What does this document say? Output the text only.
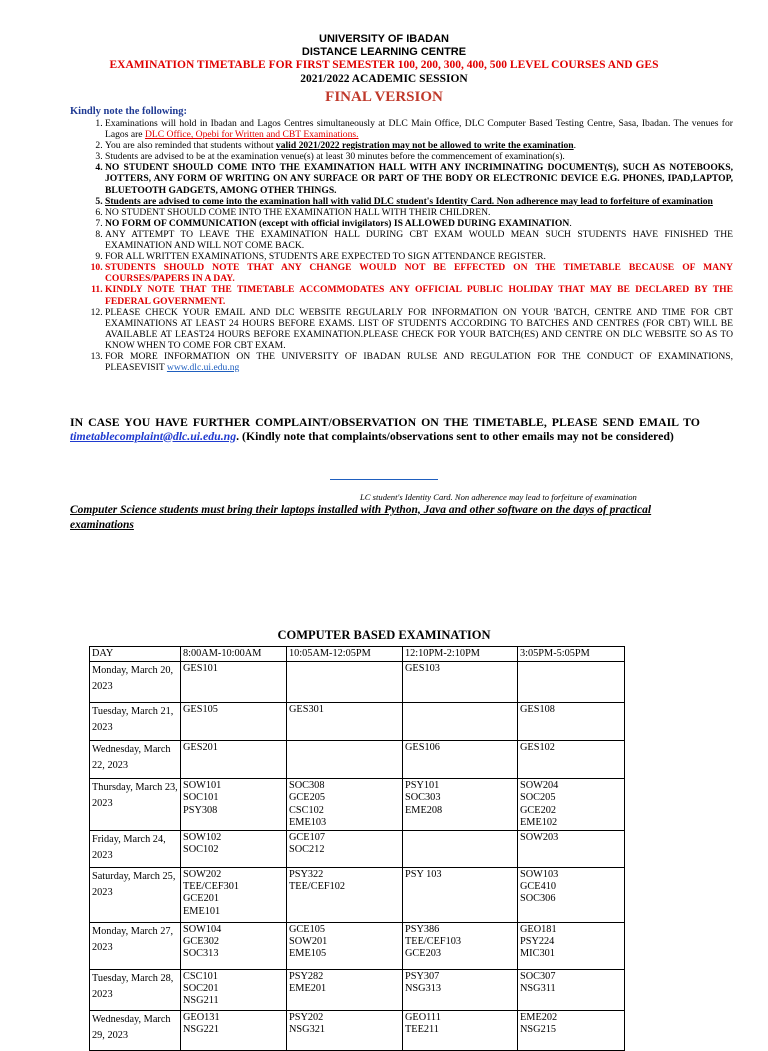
UNIVERSITY OF IBADAN
DISTANCE LEARNING CENTRE
EXAMINATION TIMETABLE FOR FIRST SEMESTER 100, 200, 300, 400, 500 LEVEL COURSES AND GES
2021/2022 ACADEMIC SESSION
FINAL VERSION
Kindly note the following:
1. Examinations will hold in Ibadan and Lagos Centres simultaneously at DLC Main Office, DLC Computer Based Testing Centre, Sasa, Ibadan. The venues for Lagos are DLC Office, Opebi for Written and CBT Examinations.
2. You are also reminded that students without valid 2021/2022 registration may not be allowed to write the examination.
3. Students are advised to be at the examination venue(s) at least 30 minutes before the commencement of examination(s).
4. NO STUDENT SHOULD COME INTO THE EXAMINATION HALL WITH ANY INCRIMINATING DOCUMENT(S), SUCH AS NOTEBOOKS, JOTTERS, ANY FORM OF WRITING ON ANY SURFACE OR PART OF THE BODY OR ELECTRONIC DEVICE E.G. PHONES, IPAD,LAPTOP, BLUETOOTH GADGETS, AMONG OTHER THINGS.
5. Students are advised to come into the examination hall with valid DLC student's Identity Card. Non adherence may lead to forfeiture of examination
6. NO STUDENT SHOULD COME INTO THE EXAMINATION HALL WITH THEIR CHILDREN.
7. NO FORM OF COMMUNICATION (except with official invigilators) IS ALLOWED DURING EXAMINATION.
8. ANY ATTEMPT TO LEAVE THE EXAMINATION HALL DURING CBT EXAM WOULD MEAN SUCH STUDENTS HAVE FINISHED THE EXAMINATION AND WILL NOT COME BACK.
9. FOR ALL WRITTEN EXAMINATIONS, STUDENTS ARE EXPECTED TO SIGN ATTENDANCE REGISTER.
10. STUDENTS SHOULD NOTE THAT ANY CHANGE WOULD NOT BE EFFECTED ON THE TIMETABLE BECAUSE OF MANY COURSES/PAPERS IN A DAY.
11. KINDLY NOTE THAT THE TIMETABLE ACCOMMODATES ANY OFFICIAL PUBLIC HOLIDAY THAT MAY BE DECLARED BY THE FEDERAL GOVERNMENT.
12. PLEASE CHECK YOUR EMAIL AND DLC WEBSITE REGULARLY FOR INFORMATION ON YOUR 'BATCH, CENTRE AND TIME FOR CBT EXAMINATIONS AT LEAST 24 HOURS BEFORE EXAMS. LIST OF STUDENTS ACCORDING TO BATCHES AND CENTRES (FOR CBT) WILL BE AVAILABLE AT LEAST24 HOURS BEFORE EXAMINATION.PLEASE CHECK FOR YOUR BATCH(ES) AND CENTRE ON DLC WEBSITE SO AS TO KNOW WHEN TO COME FOR CBT EXAM.
13. FOR MORE INFORMATION ON THE UNIVERSITY OF IBADAN RULSE AND REGULATION FOR THE CONDUCT OF EXAMINATIONS, PLEASEVISIT www.dlc.ui.edu.ng
IN CASE YOU HAVE FURTHER COMPLAINT/OBSERVATION ON THE TIMETABLE, PLEASE SEND EMAIL TO timetablecomplaint@dlc.ui.edu.ng. (Kindly note that complaints/observations sent to other emails may not be considered)
LC student's Identity Card. Non adherence may lead to forfeiture of examination
Computer Science students must bring their laptops installed with Python, Java and other software on the days of practical examinations
COMPUTER BASED EXAMINATION
DAY	8:00AM-10:00AM	10:05AM-12:05PM	12:10PM-2:10PM	3:05PM-5:05PM
Monday, March 20, 2023	GES101		GES103	

Tuesday, March 21, 2023	GES105	GES301		GES108

Wednesday, March 22, 2023	GES201		GES106	GES102

Thursday, March 23, 2023	SOW101
SOC101
PSY308	SOC308
GCE205
CSC102
EME103	PSY101
SOC303
EME208	SOW204
SOC205
GCE202
EME102

Friday, March 24, 2023	SOW102
SOC102	GCE107
SOC212		SOW203

Saturday, March 25, 2023	SOW202
TEE/CEF301
GCE201
EME101	PSY322
TEE/CEF102	PSY 103	SOW103
GCE410
SOC306

Monday, March 27, 2023	SOW104
GCE302
SOC313	GCE105
SOW201
EME105	PSY386
TEE/CEF103
GCE203	GEO181
PSY224
MIC301

Tuesday, March 28, 2023	CSC101
SOC201
NSG211	PSY282
EME201	PSY307
NSG313	SOC307
NSG311

Wednesday, March 29, 2023	GEO131
NSG221	PSY202
NSG321	GEO111
TEE211	EME202
NSG215
